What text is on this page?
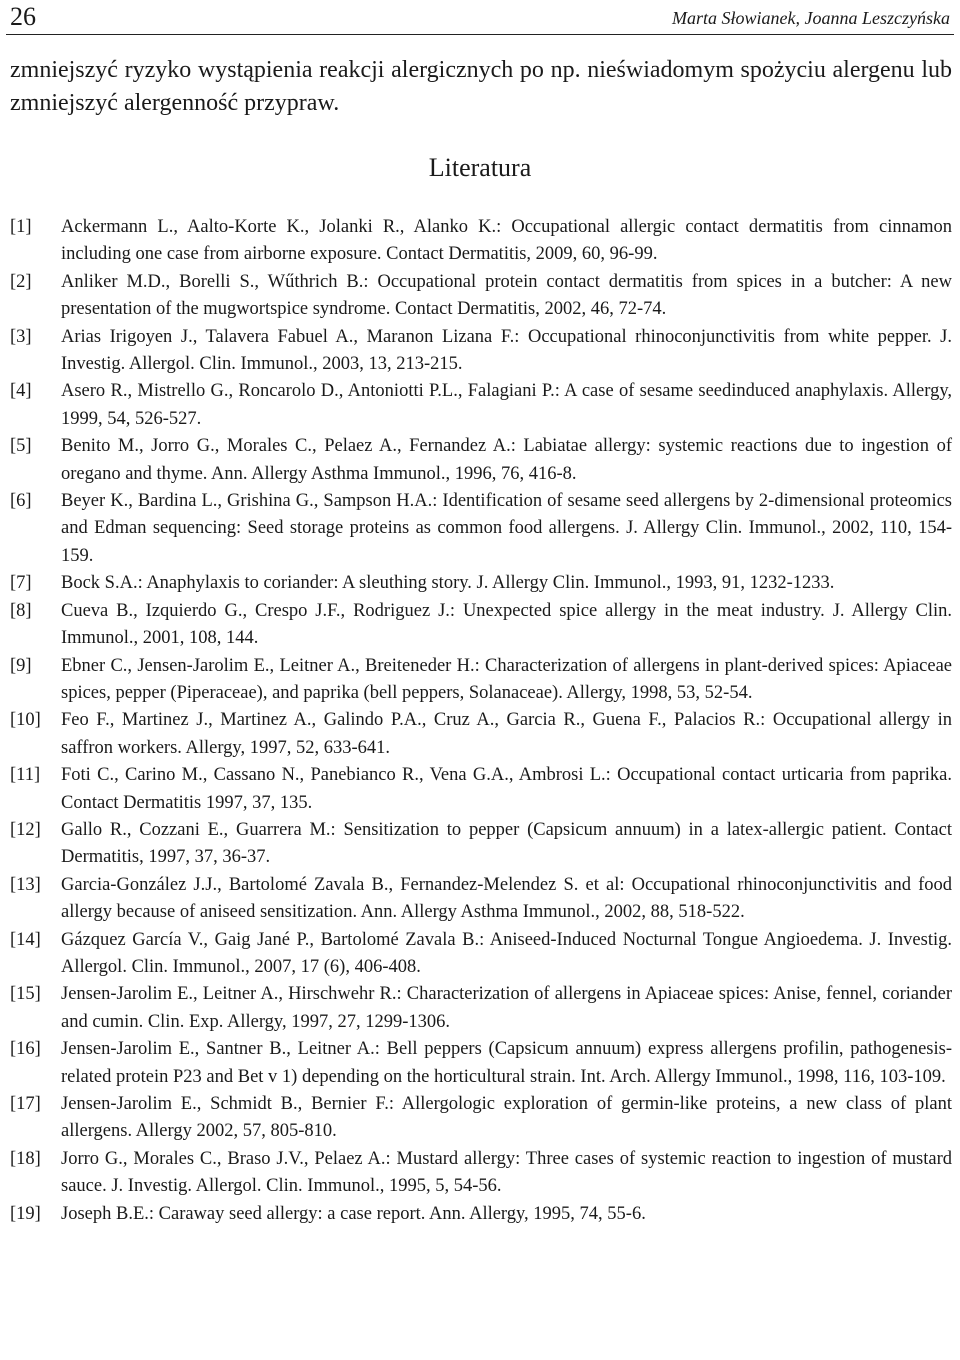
26	Marta Słowianek, Joanna Leszczyńska

zmniejszyć ryzyko wystąpienia reakcji alergicznych po np. nieświadomym spożyciu alergenu lub zmniejszyć alergenność przypraw.

Literatura
[1] Ackermann L., Aalto-Korte K., Jolanki R., Alanko K.: Occupational allergic contact dermatitis from cinnamon including one case from airborne exposure. Contact Dermatitis, 2009, 60, 96-99.
[2] Anliker M.D., Borelli S., Wűthrich B.: Occupational protein contact dermatitis from spices in a butcher: A new presentation of the mugwortspice syndrome. Contact Dermatitis, 2002, 46, 72-74.
[3] Arias Irigoyen J., Talavera Fabuel A., Maranon Lizana F.: Occupational rhinoconjunctivitis from white pepper. J. Investig. Allergol. Clin. Immunol., 2003, 13, 213-215.
[4] Asero R., Mistrello G., Roncarolo D., Antoniotti P.L., Falagiani P.: A case of sesame seedinduced anaphylaxis. Allergy, 1999, 54, 526-527.
[5] Benito M., Jorro G., Morales C., Pelaez A., Fernandez A.: Labiatae allergy: systemic reactions due to ingestion of oregano and thyme. Ann. Allergy Asthma Immunol., 1996, 76, 416-8.
[6] Beyer K., Bardina L., Grishina G., Sampson H.A.: Identification of sesame seed allergens by 2-dimensional proteomics and Edman sequencing: Seed storage proteins as common food allergens. J. Allergy Clin. Immunol., 2002, 110, 154-159.
[7] Bock S.A.: Anaphylaxis to coriander: A sleuthing story. J. Allergy Clin. Immunol., 1993, 91, 1232-1233.
[8] Cueva B., Izquierdo G., Crespo J.F., Rodriguez J.: Unexpected spice allergy in the meat industry. J. Allergy Clin. Immunol., 2001, 108, 144.
[9] Ebner C., Jensen-Jarolim E., Leitner A., Breiteneder H.: Characterization of allergens in plant-derived spices: Apiaceae spices, pepper (Piperaceae), and paprika (bell peppers, Solanaceae). Allergy, 1998, 53, 52-54.
[10] Feo F., Martinez J., Martinez A., Galindo P.A., Cruz A., Garcia R., Guena F., Palacios R.: Occupational allergy in saffron workers. Allergy, 1997, 52, 633-641.
[11] Foti C., Carino M., Cassano N., Panebianco R., Vena G.A., Ambrosi L.: Occupational contact urticaria from paprika. Contact Dermatitis 1997, 37, 135.
[12] Gallo R., Cozzani E., Guarrera M.: Sensitization to pepper (Capsicum annuum) in a latex-allergic patient. Contact Dermatitis, 1997, 37, 36-37.
[13] Garcia-González J.J., Bartolomé Zavala B., Fernandez-Melendez S. et al: Occupational rhinoconjunctivitis and food allergy because of aniseed sensitization. Ann. Allergy Asthma Immunol., 2002, 88, 518-522.
[14] Gázquez García V., Gaig Jané P., Bartolomé Zavala B.: Aniseed-Induced Nocturnal Tongue Angioedema. J. Investig. Allergol. Clin. Immunol., 2007, 17 (6), 406-408.
[15] Jensen-Jarolim E., Leitner A., Hirschwehr R.: Characterization of allergens in Apiaceae spices: Anise, fennel, coriander and cumin. Clin. Exp. Allergy, 1997, 27, 1299-1306.
[16] Jensen-Jarolim E., Santner B., Leitner A.: Bell peppers (Capsicum annuum) express allergens profilin, pathogenesis-related protein P23 and Bet v 1) depending on the horticultural strain. Int. Arch. Allergy Immunol., 1998, 116, 103-109.
[17] Jensen-Jarolim E., Schmidt B., Bernier F.: Allergologic exploration of germin-like proteins, a new class of plant allergens. Allergy 2002, 57, 805-810.
[18] Jorro G., Morales C., Braso J.V., Pelaez A.: Mustard allergy: Three cases of systemic reaction to ingestion of mustard sauce. J. Investig. Allergol. Clin. Immunol., 1995, 5, 54-56.
[19] Joseph B.E.: Caraway seed allergy: a case report. Ann. Allergy, 1995, 74, 55-6.
